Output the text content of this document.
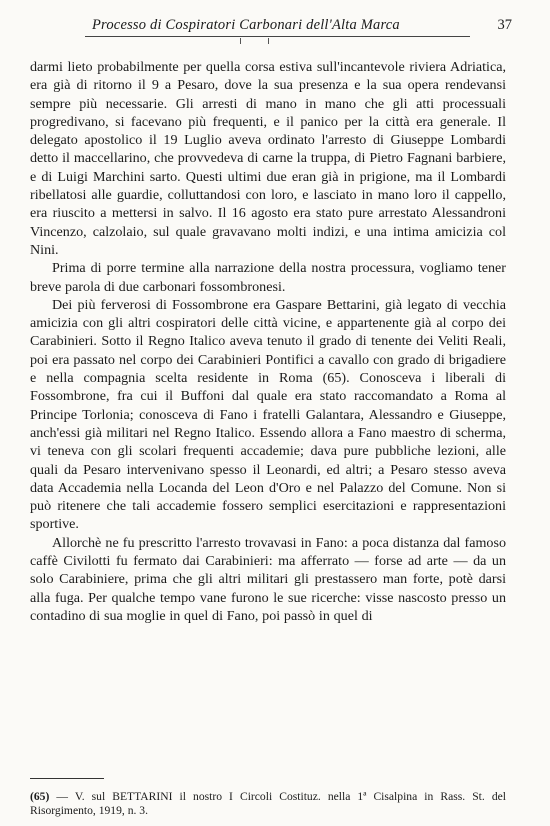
Processo di Cospiratori Carbonari dell'Alta Marca	37

darmi lieto probabilmente per quella corsa estiva sull'incantevole riviera Adriatica, era già di ritorno il 9 a Pesaro, dove la sua presenza e la sua opera rendevansi sempre più necessarie. Gli arresti di mano in mano che gli atti processuali progredivano, si facevano più frequenti, e il panico per la città era generale. Il delegato apostolico il 19 Luglio aveva ordinato l'arresto di Giuseppe Lombardi detto il maccellarino, che provvedeva di carne la truppa, di Pietro Fagnani barbiere, e di Luigi Marchini sarto. Questi ultimi due eran già in prigione, ma il Lombardi ribellatosi alle guardie, colluttandosi con loro, e lasciato in mano loro il cappello, era riuscito a mettersi in salvo. Il 16 agosto era stato pure arrestato Alessandroni Vincenzo, calzolaio, sul quale gravavano molti indizi, e una intima amicizia col Nini.

Prima di porre termine alla narrazione della nostra processura, vogliamo tener breve parola di due carbonari fossombronesi.

Dei più ferverosi di Fossombrone era Gaspare Bettarini, già legato di vecchia amicizia con gli altri cospiratori delle città vicine, e appartenente già al corpo dei Carabinieri. Sotto il Regno Italico aveva tenuto il grado di tenente dei Veliti Reali, poi era passato nel corpo dei Carabinieri Pontifici a cavallo con grado di brigadiere e nella compagnia scelta residente in Roma (65). Conosceva i liberali di Fossombrone, fra cui il Buffoni dal quale era stato raccomandato a Roma al Principe Torlonia; conosceva di Fano i fratelli Galantara, Alessandro e Giuseppe, anch'essi già militari nel Regno Italico. Essendo allora a Fano maestro di scherma, vi teneva con gli scolari frequenti accademie; dava pure pubbliche lezioni, alle quali da Pesaro intervenivano spesso il Leonardi, ed altri; a Pesaro stesso aveva data Accademia nella Locanda del Leon d'Oro e nel Palazzo del Comune. Non si può ritenere che tali accademie fossero semplici esercitazioni e rappresentazioni sportive.

Allorchè ne fu prescritto l'arresto trovavasi in Fano: a poca distanza dal famoso caffè Civilotti fu fermato dai Carabinieri: ma afferrato — forse ad arte — da un solo Carabiniere, prima che gli altri militari gli prestassero man forte, potè darsi alla fuga. Per qualche tempo vane furono le sue ricerche: visse nascosto presso un contadino di sua moglie in quel di Fano, poi passò in quel di

(65) — V. sul BETTARINI il nostro I Circoli Costituz. nella 1ª Cisalpina in Rass. St. del Risorgimento, 1919, n. 3.
